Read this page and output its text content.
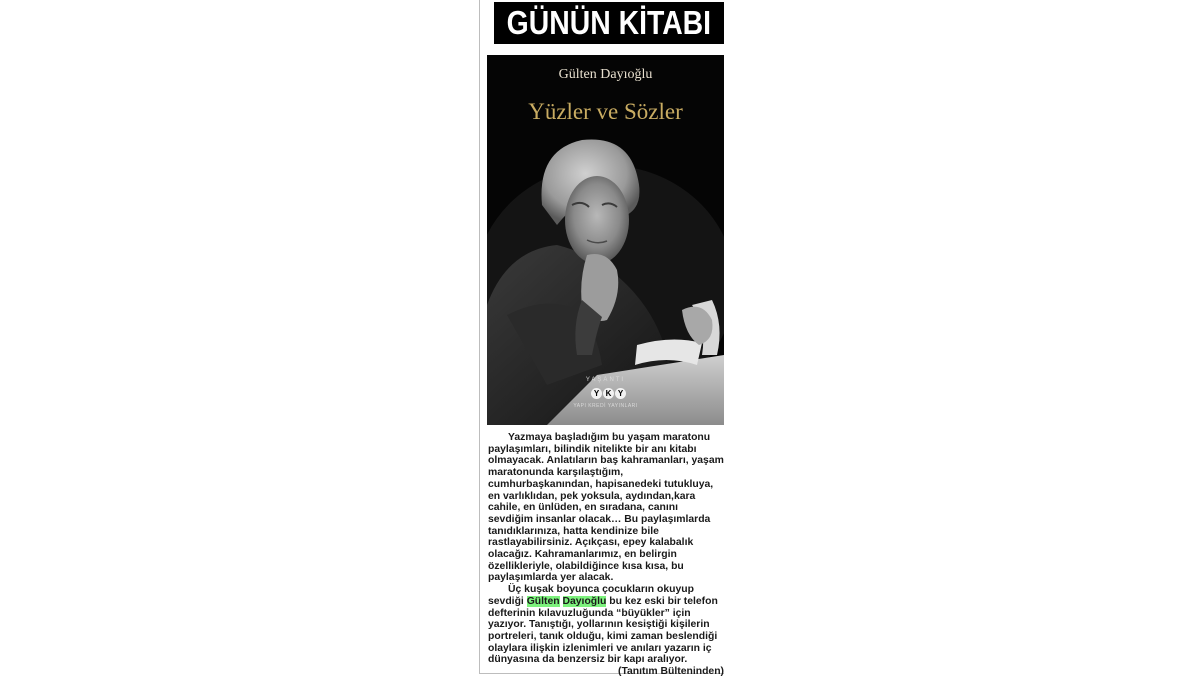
GÜNÜN KİTABI
Gülten Dayıoğlu
Yüzler ve Sözler
YAŞANTI
Y K Y
YAPI KREDİ YAYINLARI

Yazmaya başladığım bu yaşam maratonu paylaşımları, bilindik nitelikte bir anı kitabı olmayacak. Anlatıların baş kahramanları, yaşam maratonunda karşılaştığım, cumhurbaşkanından, hapisanedeki tutukluya, en varlıklıdan, pek yoksula, aydından,kara cahile, en ünlüden, en sıradana, canını sevdiğim insanlar olacak… Bu paylaşımlarda tanıdıklarınıza, hatta kendinize bile rastlayabilirsiniz. Açıkçası, epey kalabalık olacağız. Kahramanlarımız, en belirgin özellikleriyle, olabildiğince kısa kısa, bu paylaşımlarda yer alacak.

Üç kuşak boyunca çocukların okuyup sevdiği Gülten Dayıoğlu bu kez eski bir telefon defterinin kılavuzluğunda “büyükler” için yazıyor. Tanıştığı, yollarının kesiştiği kişilerin portreleri, tanık olduğu, kimi zaman beslendiği olaylara ilişkin izlenimleri ve anıları yazarın iç dünyasına da benzersiz bir kapı aralıyor.

(Tanıtım Bülteninden)
